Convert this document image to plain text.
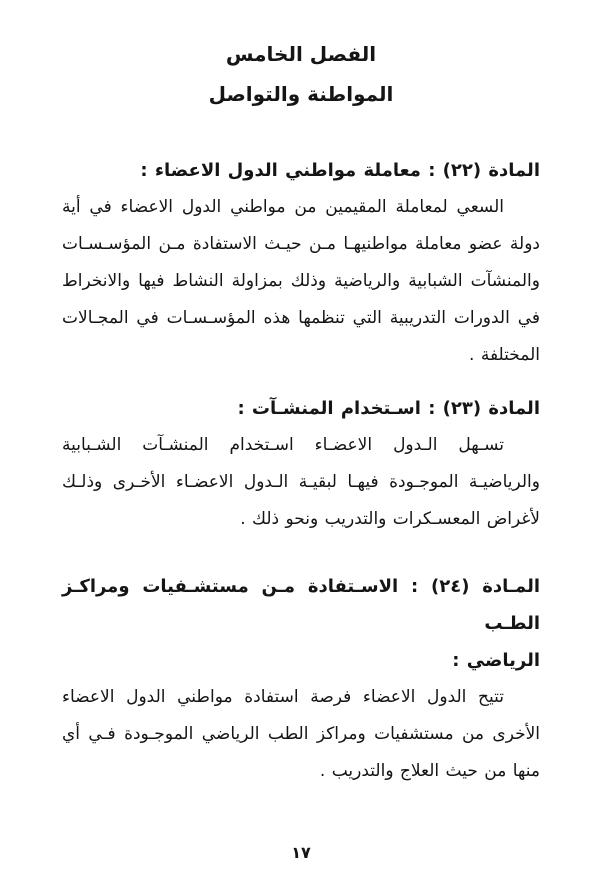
الفصل الخامس
المواطنة والتواصل
المادة (٢٢) : معاملة مواطني الدول الاعضاء :
السعي لمعاملة المقيمين من مواطني الدول الاعضاء في أية
دولة عضو معاملة مواطنيهـا مـن حيـث الاستفادة مـن المؤسـسـات
والمنشآت الشبابية والرياضية وذلك بمزاولة النشاط فيها والانخراط
في الدورات التدريبية التي تنظمها هذه المؤسـسـات في المجـالات
المختلفة .
المادة (٢٣) : اسـتخدام المنشـآت :
تسـهل الـدول الاعضـاء اسـتخدام المنشـآت الشـبابية
والرياضيـة الموجـودة فيهـا لبقيـة الـدول الاعضـاء الأخـرى وذلـك
لأغراض المعسـكرات والتدريب ونحو ذلك .
المـادة (٢٤) : الاسـتفادة مـن مستشـفيات ومراكـز الطـب
الرياضي :
تتيح الدول الاعضاء فرصة استفادة مواطني الدول الاعضاء
الأخرى من مستشفيات ومراكز الطب الرياضي الموجـودة فـي أي
منها من حيث العلاج والتدريب .
١٧
